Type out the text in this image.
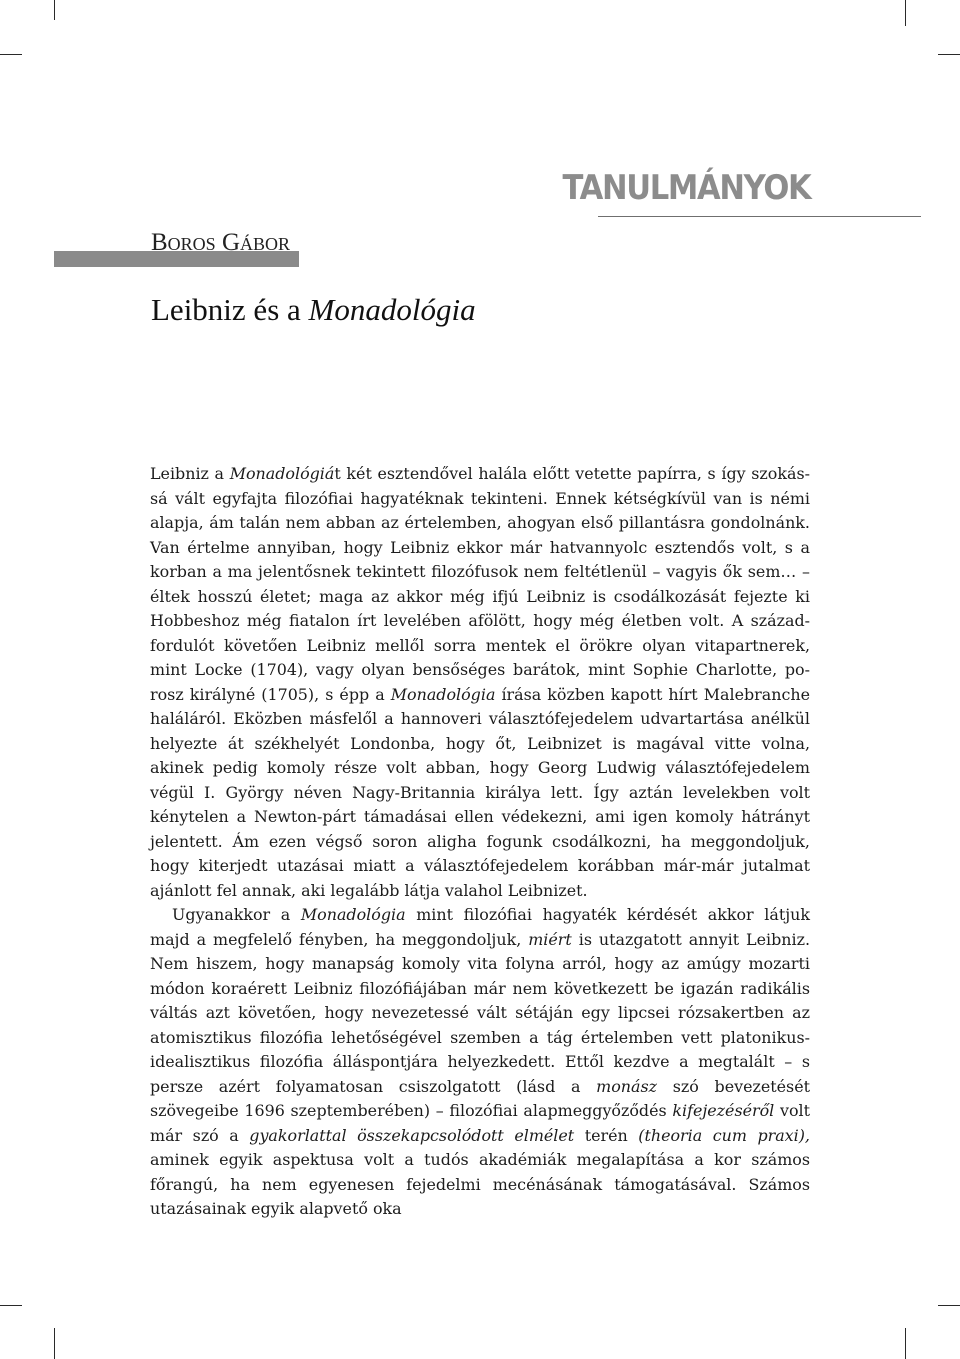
TANULMÁNYOK
Boros Gábor
Leibniz és a Monadológia

Leibniz a Monadológiát két esztendővel halála előtt vetette papírra, s így szokássá vált egyfajta filozófiai hagyatéknak tekinteni. Ennek kétségkívül van is némi alapja, ám talán nem abban az értelemben, ahogyan első pillantásra gondolnánk. Van értelme annyiban, hogy Leibniz ekkor már hatvannyolc esztendős volt, s a korban a ma jelentősnek tekintett filozófusok nem feltétlenül – vagyis ők sem… – éltek hosszú életet; maga az akkor még ifjú Leibniz is csodálkozását fejezte ki Hobbeshoz még fiatalon írt levelében afölött, hogy még életben volt. A századfordulót követően Leibniz mellől sorra mentek el örökre olyan vitapartnerek, mint Locke (1704), vagy olyan bensőséges barátok, mint Sophie Charlotte, porosz királyné (1705), s épp a Monadológia írása közben kapott hírt Malebranche haláláról. Eközben másfelől a hannoveri választófejedelem udvartartása anélkül helyezte át székhelyét Londonba, hogy őt, Leibnizet is magával vitte volna, akinek pedig komoly része volt abban, hogy Georg Ludwig választófejedelem végül I. György néven Nagy-Britannia királya lett. Így aztán levelekben volt kénytelen a Newton-párt támadásai ellen védekezni, ami igen komoly hátrányt jelentett. Ám ezen végső soron aligha fogunk csodálkozni, ha meggondoljuk, hogy kiterjedt utazásai miatt a választófejedelem korábban már-már jutalmat ajánlott fel annak, aki legalább látja valahol Leibnizet.

Ugyanakkor a Monadológia mint filozófiai hagyaték kérdését akkor látjuk majd a megfelelő fényben, ha meggondoljuk, miért is utazgatott annyit Leibniz. Nem hiszem, hogy manapság komoly vita folyna arról, hogy az amúgy mozarti módon koraérett Leibniz filozófiájában már nem következett be igazán radikális váltás azt követően, hogy nevezetessé vált sétáján egy lipcsei rózsakertben az atomisztikus filozófia lehetőségével szemben a tág értelemben vett platonikus-idealisztikus filozófia álláspontjára helyezkedett. Ettől kezdve a megtalált – s persze azért folyamatosan csiszolgatott (lásd a monász szó bevezetését szövegeibe 1696 szeptemberében) – filozófiai alapmeggyőződés kifejezéséről volt már szó a gyakorlattal összekapcsolódott elmélet terén (theoria cum praxi), aminek egyik aspektusa volt a tudós akadémiák megalapítása a kor számos főrangú, ha nem egyenesen fejedelmi mecénásának támogatásával. Számos utazásainak egyik alapvető oka
